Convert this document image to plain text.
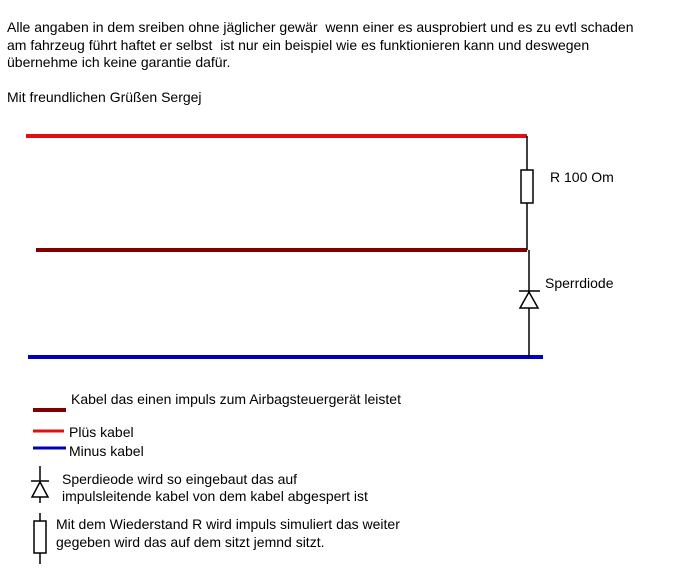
Alle angaben in dem sreiben ohne jäglicher gewär  wenn einer es ausprobiert und es zu evtl schaden
am fahrzeug führt haftet er selbst  ist nur ein beispiel wie es funktionieren kann und deswegen
übernehme ich keine garantie dafür.
Mit freundlichen Grüßen Sergej
R 100 Om
Sperrdiode
Kabel das einen impuls zum Airbagsteuergerät leistet
Plüs kabel
Minus kabel
Sperdieode wird so eingebaut das auf
impulsleitende kabel von dem kabel abgespert ist
Mit dem Wiederstand R wird impuls simuliert das weiter
gegeben wird das auf dem sitzt jemnd sitzt.
